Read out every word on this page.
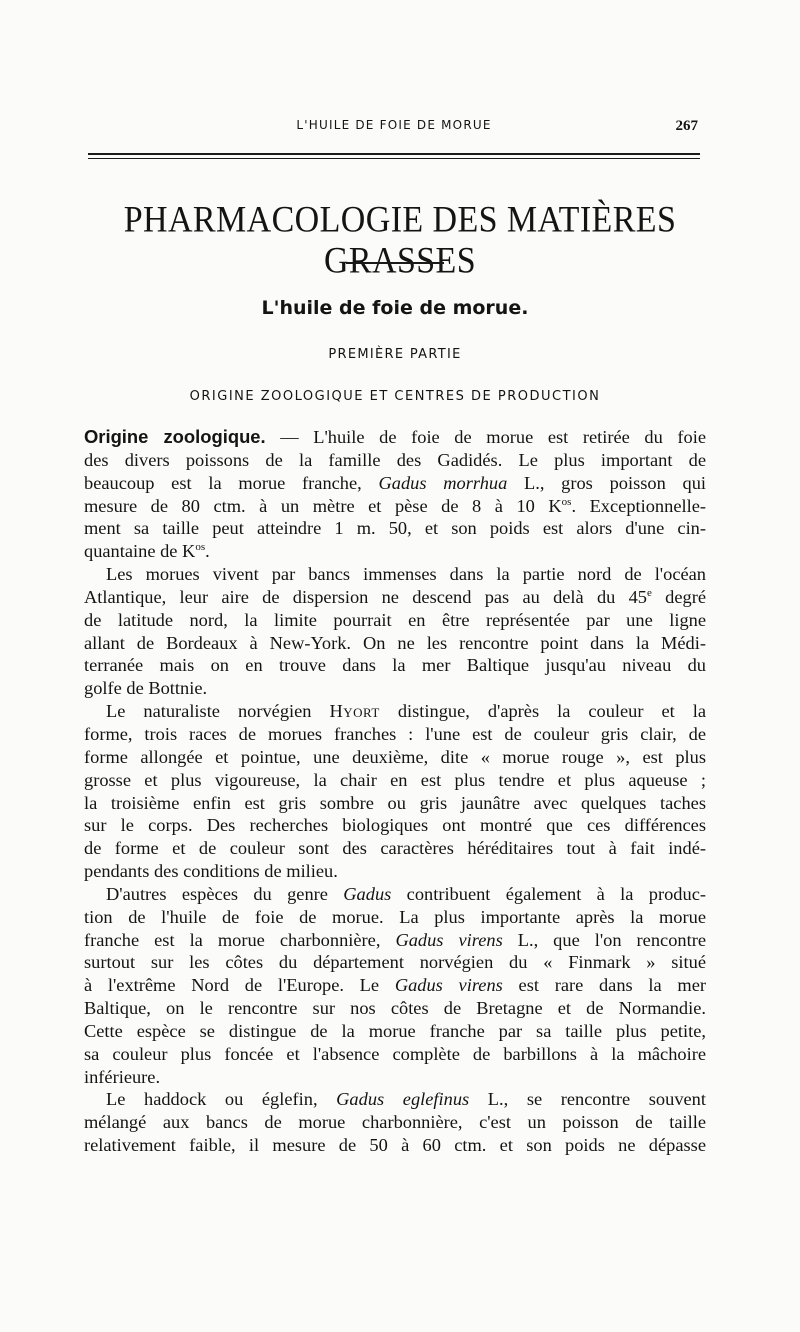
L'HUILE DE FOIE DE MORUE	267
PHARMACOLOGIE DES MATIÈRES GRASSES
L'huile de foie de morue.
PREMIÈRE PARTIE
ORIGINE ZOOLOGIQUE ET CENTRES DE PRODUCTION
Origine zoologique. — L'huile de foie de morue est retirée du foie
des divers poissons de la famille des Gadidés. Le plus important de
beaucoup est la morue franche, Gadus morrhua L., gros poisson qui
mesure de 80 ctm. à un mètre et pèse de 8 à 10 $K^{os}$. Exceptionnelle-
ment sa taille peut atteindre 1 m. 50, et son poids est alors d'une cin-
quantaine de $K^{os}$.
Les morues vivent par bancs immenses dans la partie nord de l'océan
Atlantique, leur aire de dispersion ne descend pas au delà du 45e degré
de latitude nord, la limite pourrait en être représentée par une ligne
allant de Bordeaux à New-York. On ne les rencontre point dans la Médi-
terranée mais on en trouve dans la mer Baltique jusqu'au niveau du
golfe de Bottnie.
Le naturaliste norvégien Hyort distingue, d'après la couleur et la
forme, trois races de morues franches : l'une est de couleur gris clair, de
forme allongée et pointue, une deuxième, dite « morue rouge », est plus
grosse et plus vigoureuse, la chair en est plus tendre et plus aqueuse ;
la troisième enfin est gris sombre ou gris jaunâtre avec quelques taches
sur le corps. Des recherches biologiques ont montré que ces différences
de forme et de couleur sont des caractères héréditaires tout à fait indé-
pendants des conditions de milieu.
D'autres espèces du genre Gadus contribuent également à la produc-
tion de l'huile de foie de morue. La plus importante après la morue
franche est la morue charbonnière, Gadus virens L., que l'on rencontre
surtout sur les côtes du département norvégien du « Finmark » situé
à l'extrême Nord de l'Europe. Le Gadus virens est rare dans la mer
Baltique, on le rencontre sur nos côtes de Bretagne et de Normandie.
Cette espèce se distingue de la morue franche par sa taille plus petite,
sa couleur plus foncée et l'absence complète de barbillons à la mâchoire
inférieure.
Le haddock ou églefin, Gadus eglefinus L., se rencontre souvent
mélangé aux bancs de morue charbonnière, c'est un poisson de taille
relativement faible, il mesure de 50 à 60 ctm. et son poids ne dépasse
